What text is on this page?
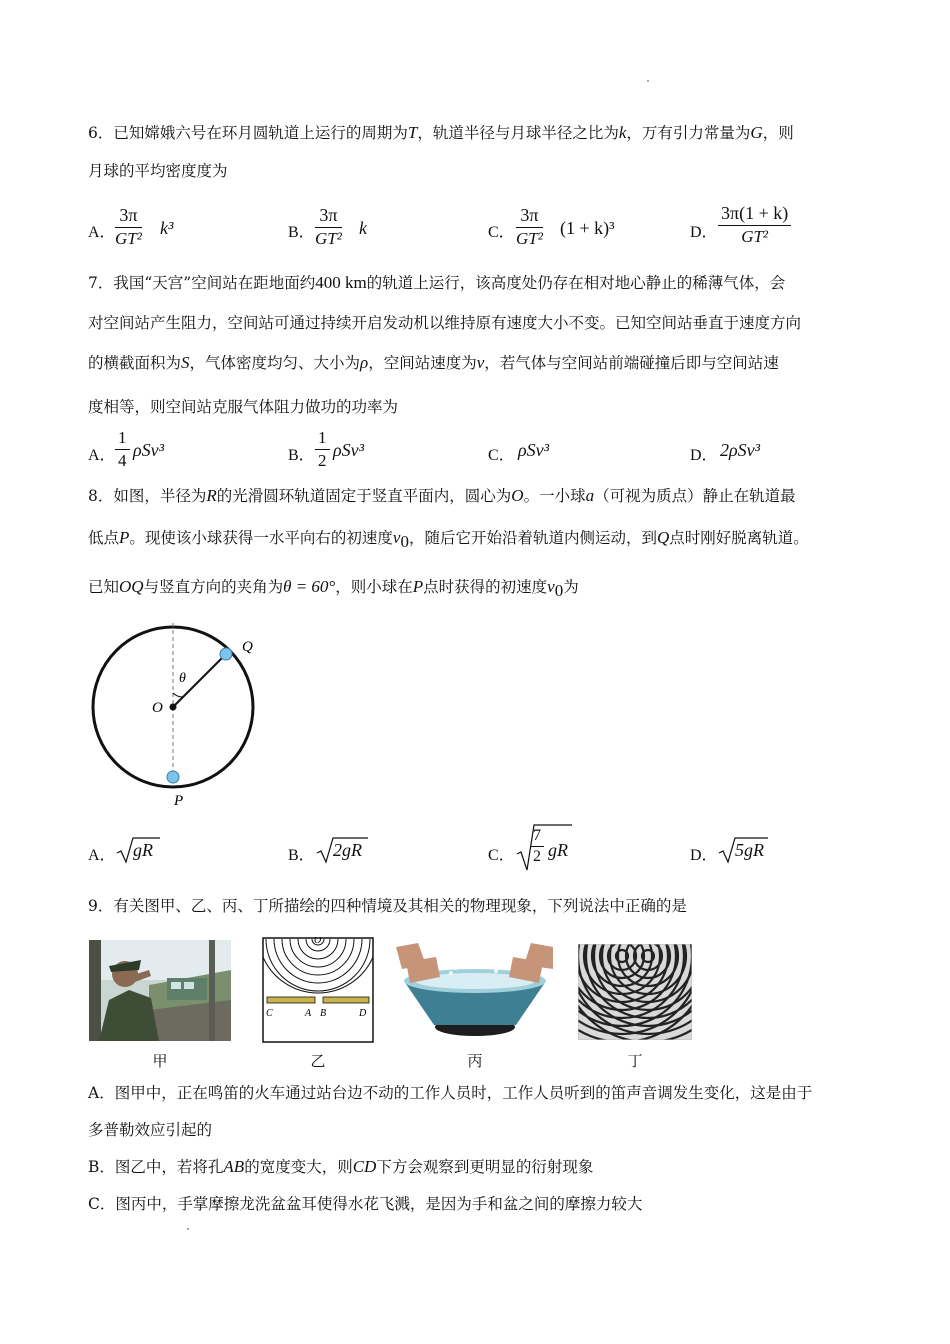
6．已知嫦娥六号在环月圆轨道上运行的周期为T，轨道半径与月球半径之比为k，万有引力常量为G，则
月球的平均密度度为
A． $\frac{3\pi}{\text{GT²}} k^3$	B． $\frac{3\pi}{\text{GT²}}$ k	C． $\frac{3\pi}{\text{GT²}} (1 + k)^3$	D． $\frac{3\pi(1 + k)}{\text{GT²}}$
7．我国“天宫”空间站在距地面约400 km的轨道上运行，该高度处仍存在相对地心静止的稀薄气体，会
对空间站产生阻力，空间站可通过持续开启发动机以维持原有速度大小不变。已知空间站垂直于速度方向
的横截面积为S，气体密度均匀、大小为ρ，空间站速度为v，若气体与空间站前端碰撞后即与空间站速
度相等，则空间站克服气体阻力做功的功率为
A． $\frac{1}{4} \rho Sv^3$	B． $\frac{1}{2} \rho Sv^3$	C． ρSv³	D． 2ρSv³
8．如图，半径为R的光滑圆环轨道固定于竖直平面内，圆心为O。一小球a（可视为质点）静止在轨道最
低点P。现使该小球获得一水平向右的初速度$v_0$，随后它开始沿着轨道内侧运动，到Q点时刚好脱离轨道。
已知OQ与竖直方向的夹角为θ = 60°，则小球在P点时获得的初速度$v_0$为
O
Q
P
θ
A． gR	B． 2gR	C． $\frac{7}{2}$ gR	D． 5gR
9．有关图甲、乙、丙、丁所描绘的四种情境及其相关的物理现象，下列说法中正确的是
甲
O
C	A B	D
乙	丙	丁
A．图甲中，正在鸣笛的火车通过站台边不动的工作人员时，工作人员听到的笛声音调发生变化，这是由于
多普勒效应引起的
B．图乙中，若将孔AB的宽度变大，则CD下方会观察到更明显的衍射现象
C．图丙中，手掌摩擦龙洗盆盆耳使得水花飞溅，是因为手和盆之间的摩擦力较大
